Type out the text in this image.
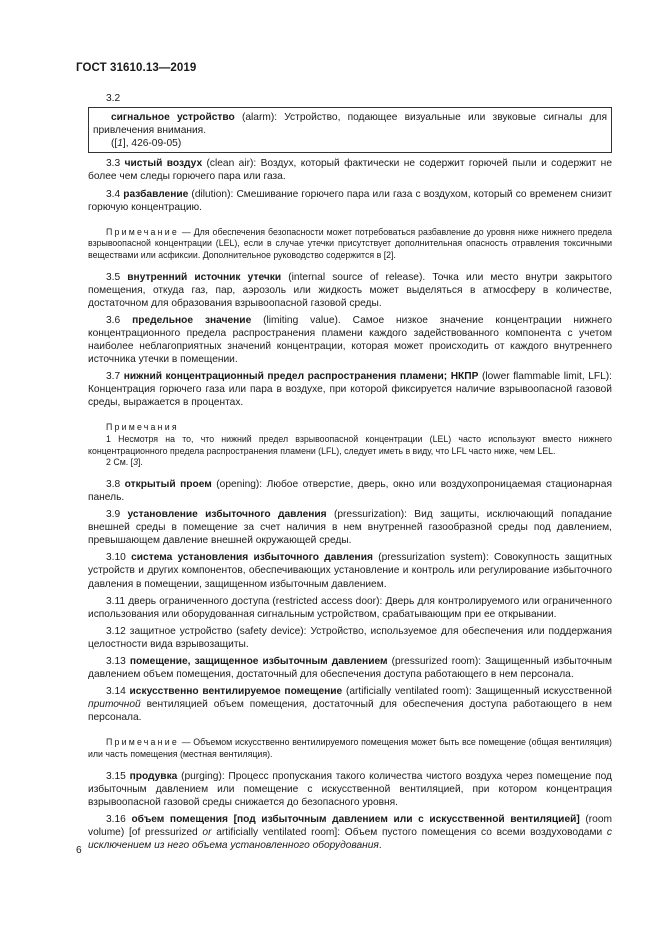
ГОСТ 31610.13—2019
3.2
сигнальное устройство (alarm): Устройство, подающее визуальные или звуковые сигналы для привлечения внимания.
([1], 426-09-05)
3.3 чистый воздух (clean air): Воздух, который фактически не содержит горючей пыли и содержит не более чем следы горючего пара или газа.
3.4 разбавление (dilution): Смешивание горючего пара или газа с воздухом, который со временем снизит горючую концентрацию.
Примечание — Для обеспечения безопасности может потребоваться разбавление до уровня ниже нижнего предела взрывоопасной концентрации (LEL), если в случае утечки присутствует дополнительная опасность отравления токсичными веществами или асфиксии. Дополнительное руководство содержится в [2].
3.5 внутренний источник утечки (internal source of release). Точка или место внутри закрытого помещения, откуда газ, пар, аэрозоль или жидкость может выделяться в атмосферу в количестве, достаточном для образования взрывоопасной газовой среды.
3.6 предельное значение (limiting value). Самое низкое значение концентрации нижнего концентрационного предела распространения пламени каждого задействованного компонента с учетом наиболее неблагоприятных значений концентрации, которая может происходить от каждого внутреннего источника утечки в помещении.
3.7 нижний концентрационный предел распространения пламени; НКПР (lower flammable limit, LFL): Концентрация горючего газа или пара в воздухе, при которой фиксируется наличие взрывоопасной газовой среды, выражается в процентах.
Примечания
1 Несмотря на то, что нижний предел взрывоопасной концентрации (LEL) часто используют вместо нижнего концентрационного предела распространения пламени (LFL), следует иметь в виду, что LFL часто ниже, чем LEL.
2 См. [3].
3.8 открытый проем (opening): Любое отверстие, дверь, окно или воздухопроницаемая стационарная панель.
3.9 установление избыточного давления (pressurization): Вид защиты, исключающий попадание внешней среды в помещение за счет наличия в нем внутренней газообразной среды под давлением, превышающем давление внешней окружающей среды.
3.10 система установления избыточного давления (pressurization system): Совокупность защитных устройств и других компонентов, обеспечивающих установление и контроль или регулирование избыточного давления в помещении, защищенном избыточным давлением.
3.11 дверь ограниченного доступа (restricted access door): Дверь для контролируемого или ограниченного использования или оборудованная сигнальным устройством, срабатывающим при ее открывании.
3.12 защитное устройство (safety device): Устройство, используемое для обеспечения или поддержания целостности вида взрывозащиты.
3.13 помещение, защищенное избыточным давлением (pressurized room): Защищенный избыточным давлением объем помещения, достаточный для обеспечения доступа работающего в нем персонала.
3.14 искусственно вентилируемое помещение (artificially ventilated room): Защищенный искусственной приточной вентиляцией объем помещения, достаточный для обеспечения доступа работающего в нем персонала.
Примечание — Объемом искусственно вентилируемого помещения может быть все помещение (общая вентиляция) или часть помещения (местная вентиляция).
3.15 продувка (purging): Процесс пропускания такого количества чистого воздуха через помещение под избыточным давлением или помещение с искусственной вентиляцией, при котором концентрация взрывоопасной газовой среды снижается до безопасного уровня.
3.16 объем помещения [под избыточным давлением или с искусственной вентиляцией] (room volume) [of pressurized or artificially ventilated room]: Объем пустого помещения со всеми воздуховодами с исключением из него объема установленного оборудования.
6
